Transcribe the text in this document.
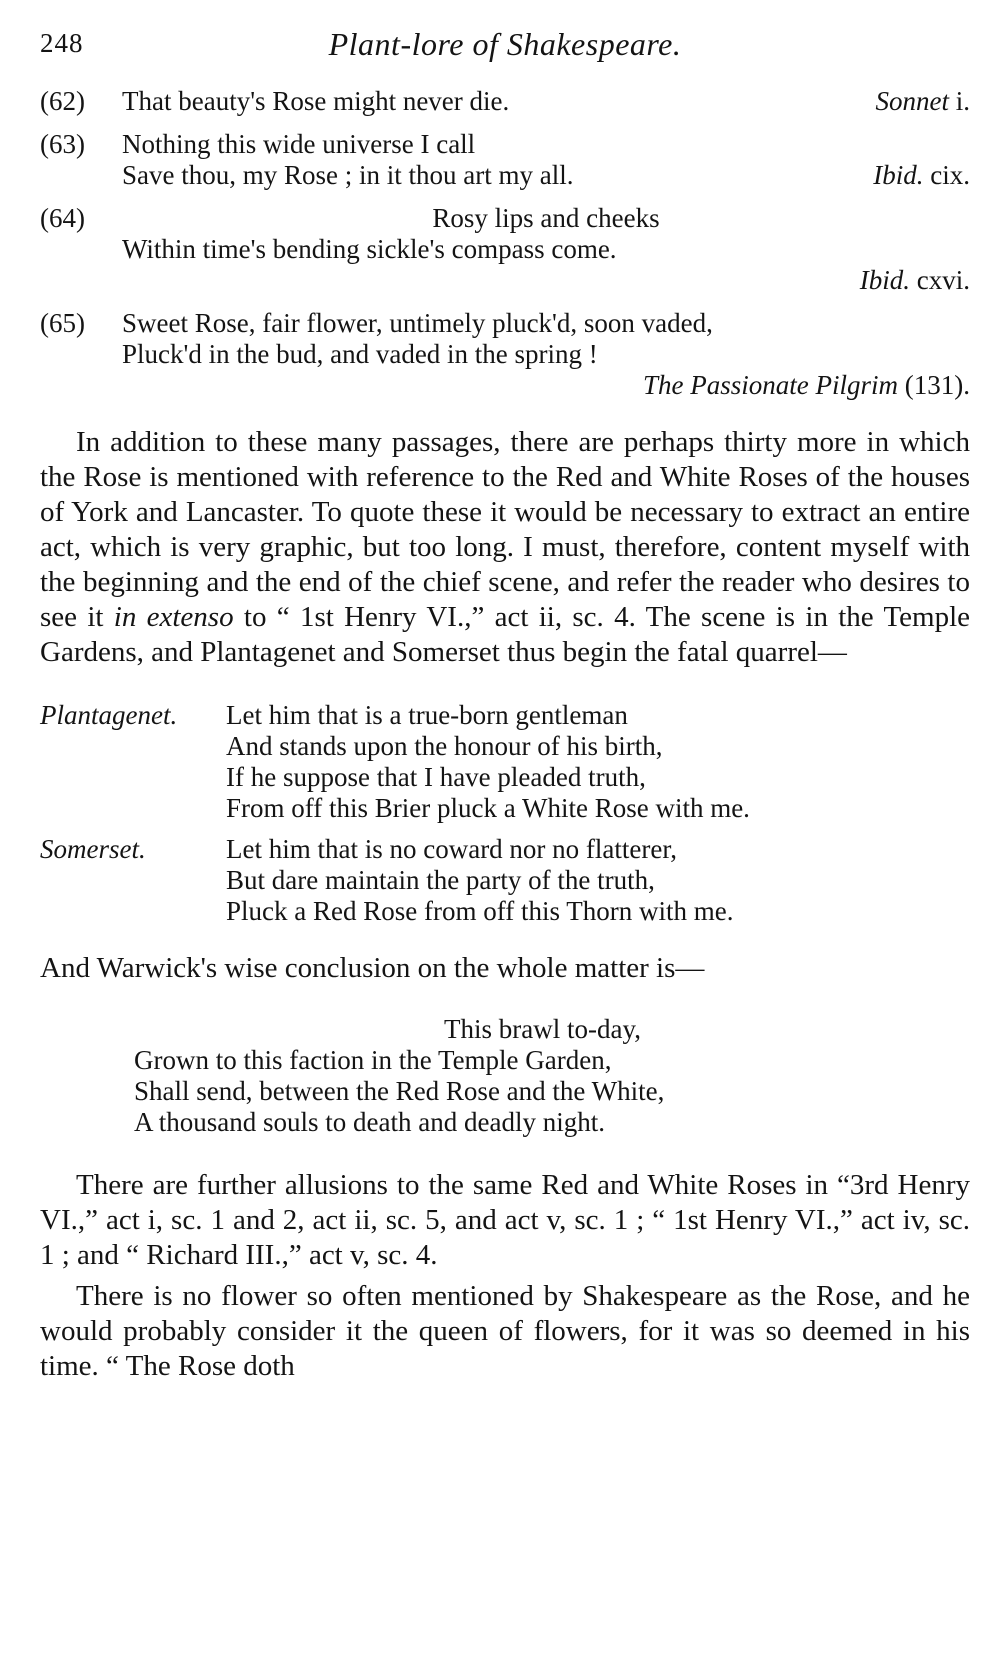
248	Plant-lore of Shakespeare.
(62)	That beauty's Rose might never die.	Sonnet i.
(63)	Nothing this wide universe I call
Save thou, my Rose ; in it thou art my all.	Ibid. cix.
(64)	Rosy lips and cheeks
Within time's bending sickle's compass come.
Ibid. cxvi.
(65)	Sweet Rose, fair flower, untimely pluck'd, soon vaded,
Pluck'd in the bud, and vaded in the spring !
The Passionate Pilgrim (131).

In addition to these many passages, there are perhaps thirty more in which the Rose is mentioned with reference to the Red and White Roses of the houses of York and Lancaster. To quote these it would be necessary to extract an entire act, which is very graphic, but too long. I must, therefore, content myself with the beginning and the end of the chief scene, and refer the reader who desires to see it in extenso to “ 1st Henry VI.,” act ii, sc. 4. The scene is in the Temple Gardens, and Plantagenet and Somerset thus begin the fatal quarrel—

Plantagenet.	Let him that is a true-born gentleman
And stands upon the honour of his birth,
If he suppose that I have pleaded truth,
From off this Brier pluck a White Rose with me.
Somerset.	Let him that is no coward nor no flatterer,
But dare maintain the party of the truth,
Pluck a Red Rose from off this Thorn with me.
And Warwick's wise conclusion on the whole matter is—
This brawl to-day,
Grown to this faction in the Temple Garden,
Shall send, between the Red Rose and the White,
A thousand souls to death and deadly night.

There are further allusions to the same Red and White Roses in “3rd Henry VI.,” act i, sc. 1 and 2, act ii, sc. 5, and act v, sc. 1 ; “ 1st Henry VI.,” act iv, sc. 1 ; and “ Richard III.,” act v, sc. 4.

There is no flower so often mentioned by Shakespeare as the Rose, and he would probably consider it the queen of flowers, for it was so deemed in his time. “ The Rose doth
